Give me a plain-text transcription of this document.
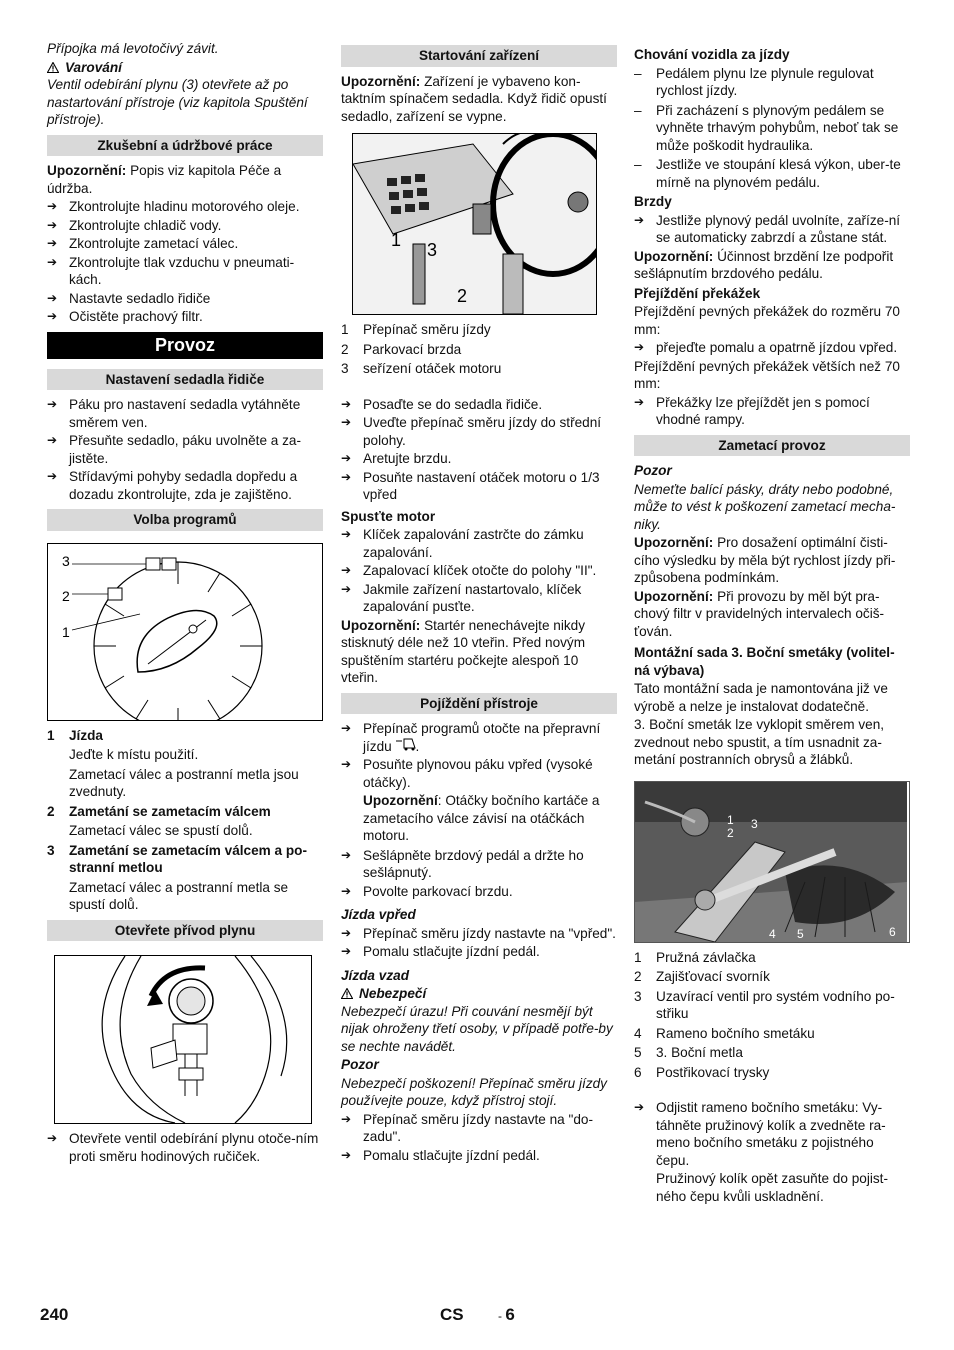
Přípojka má levotočivý závit.

Varování

Ventil odebírání plynu (3) otevřete až po nastartování přístroje (viz kapitola Spuštění přístroje).

Zkušební a údržbové práce

Upozornění: Popis viz kapitola Péče a údržba.

➔ Zkontrolujte hladinu motorového oleje.
➔ Zkontrolujte chladič vody.
➔ Zkontrolujte zametací válec.
➔ Zkontrolujte tlak vzduchu v pneumati-kách.
➔ Nastavte sedadlo řidiče
➔ Očistěte prachový filtr.
Provoz
Nastavení sedadla řidiče
➔ Páku pro nastavení sedadla vytáhněte směrem ven.
➔ Přesuňte sedadlo, páku uvolněte a za-jistěte.
➔ Střídavými pohyby sedadla dopředu a dozadu zkontrolujte, zda je zajištěno.
Volba programů
3
2
1
1	Jízda

Jeďte k místu použití.

Zametací válec a postranní metla jsou zvednuty.

2	Zametání se zametacím válcem

Zametací válec se spustí dolů.

3	Zametání se zametacím válcem a po-stranní metlou

Zametací válec a postranní metla se spustí dolů.

Otevřete přívod plynu
➔ Otevřete ventil odebírání plynu otoče-ním proti směru hodinových ručiček.
Startování zařízení

Upozornění: Zařízení je vybaveno kon-taktním spínačem sedadla. Když řidič opustí sedadlo, zařízení se vypne.

1 3
2
1	Přepínač směru jízdy
2	Parkovací brzda
3	seřízení otáček motoru
➔ Posaďte se do sedadla řidiče.
➔ Uveďte přepínač směru jízdy do střední polohy.
➔ Aretujte brzdu.
➔ Posuňte nastavení otáček motoru o 1/3 vpřed

Spusťte motor

➔ Klíček zapalování zastrčte do zámku zapalování.
➔ Zapalovací klíček otočte do polohy "II".
➔ Jakmile zařízení nastartovalo, klíček zapalování pusťte.

Upozornění: Startér nenechávejte nikdy stisknutý déle než 10 vteřin. Před novým spuštěním startéru počkejte alespoň 10 vteřin.

Pojíždění přístroje
➔ Přepínač programů otočte na přepravní jízdu .
➔ Posuňte plynovou páku vpřed (vysoké otáčky).

Upozornění: Otáčky bočního kartáče a zametacího válce závisí na otáčkách motoru.

➔ Sešlápněte brzdový pedál a držte ho sešlápnutý.
➔ Povolte parkovací brzdu.

Jízda vpřed

➔ Přepínač směru jízdy nastavte na "vpřed".
➔ Pomalu stlačujte jízdní pedál.

Jízda vzad

Nebezpečí

Nebezpečí úrazu! Při couvání nesmějí být nijak ohroženy třetí osoby, v případě potře-by se nechte navádět.

Pozor

Nebezpečí poškození! Přepínač směru jízdy používejte pouze, když přístroj stojí.

➔ Přepínač směru jízdy nastavte na "do-zadu".
➔ Pomalu stlačujte jízdní pedál.

Chování vozidla za jízdy

–	Pedálem plynu lze plynule regulovat rychlost jízdy.
–	Při zacházení s plynovým pedálem se vyhněte trhavým pohybům, neboť tak se může poškodit hydraulika.
–	Jestliže ve stoupání klesá výkon, uber-te mírně na plynovém pedálu.

Brzdy

➔ Jestliže plynový pedál uvolníte, zaříze-ní se automaticky zabrzdí a zůstane stát.

Upozornění: Účinnost brzdění lze podpořit sešlápnutím brzdového pedálu.

Přejíždění překážek

Přejíždění pevných překážek do rozměru 70 mm:

➔ přejeďte pomalu a opatrně jízdou vpřed.

Přejíždění pevných překážek větších než 70 mm:

➔ Překážky lze přejíždět jen s pomocí vhodné rampy.
Zametací provoz

Pozor

Nemeťte balící pásky, dráty nebo podobné, může to vést k poškození zametací mecha-niky.

Upozornění: Pro dosažení optimální čisti-cího výsledku by měla být rychlost jízdy při-způsobena podmínkám.

Upozornění: Při provozu by měl být pra-chový filtr v pravidelných intervalech očiš-ťován.

Montážní sada 3. Boční smetáky (volitel-ná výbava)

Tato montážní sada je namontována již ve výrobě a nelze je instalovat dodatečně.

3. Boční smeták lze vyklopit směrem ven, zvednout nebo spustit, a tím usnadnit za-metání postranních obrysů a žlábků.

1
2
3
4 5	6
1	Pružná závlačka
2	Zajišťovací svorník
3	Uzavírací ventil pro systém vodního po-střiku
4	Rameno bočního smetáku
5	3. Boční metla
6	Postřikovací trysky
➔ Odjistit rameno bočního smetáku: Vy-táhněte pružinový kolík a zvedněte ra-meno bočního smetáku z pojistného čepu.

Pružinový kolík opět zasuňte do pojist-ného čepu kvůli uskladnění.

240	CS	- 6
